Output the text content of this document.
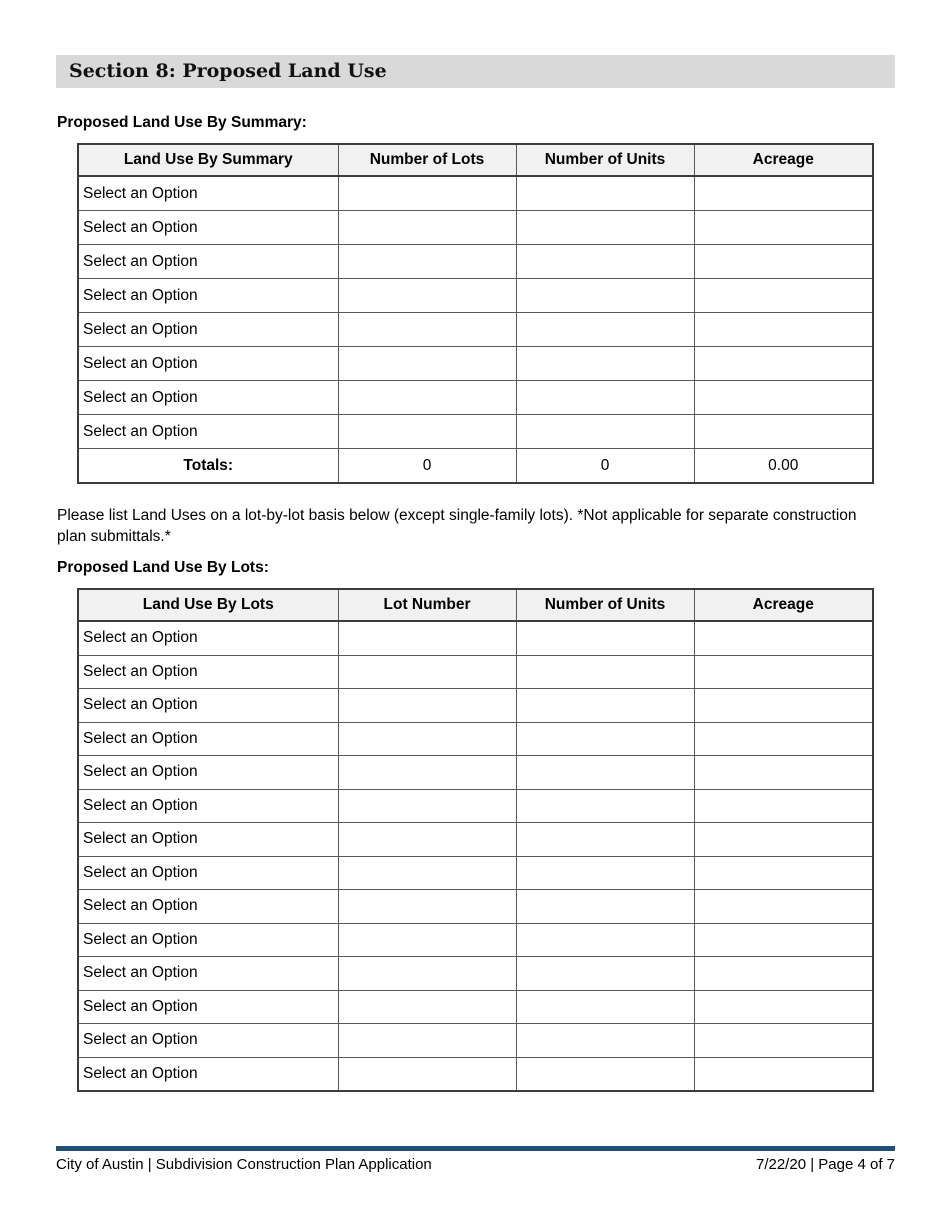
Section 8: Proposed Land Use
Proposed Land Use By Summary:
Land Use By Summary	Number of Lots	Number of Units	Acreage
Select an Option			
Select an Option			
Select an Option			
Select an Option			
Select an Option			
Select an Option			
Select an Option			
Select an Option			
Totals:	0	0	0.00
Please list Land Uses on a lot-by-lot basis below (except single-family lots). *Not applicable for separate construction plan submittals.*
Proposed Land Use By Lots:
Land Use By Lots	Lot Number	Number of Units	Acreage
Select an Option			
Select an Option			
Select an Option			
Select an Option			
Select an Option			
Select an Option			
Select an Option			
Select an Option			
Select an Option			
Select an Option			
Select an Option			
Select an Option			
Select an Option			
Select an Option			
City of Austin | Subdivision Construction Plan Application	7/22/20 | Page 4 of 7
